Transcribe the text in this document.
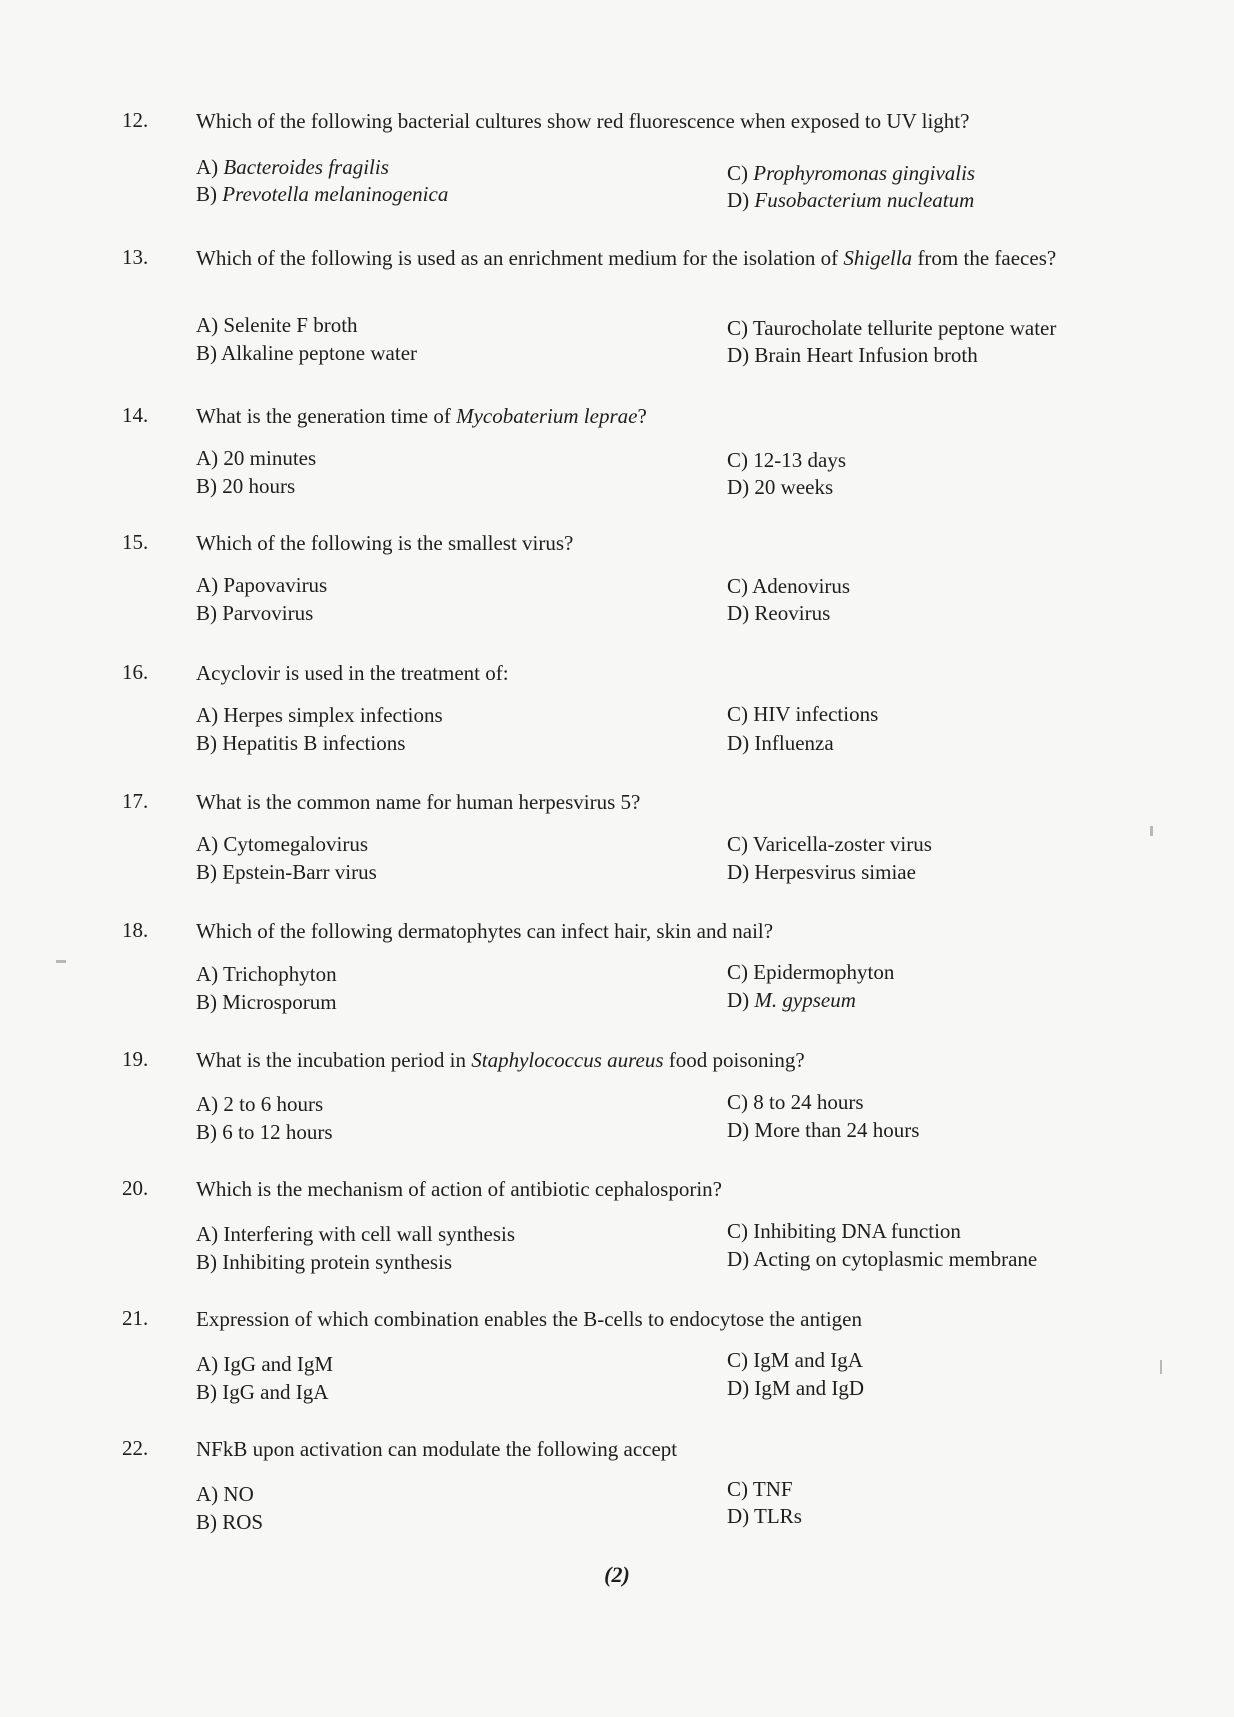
12. Which of the following bacterial cultures show red fluorescence when exposed to UV light?
A) Bacteroides fragilis
B) Prevotella melaninogenica
C) Prophyromonas gingivalis
D) Fusobacterium nucleatum
13. Which of the following is used as an enrichment medium for the isolation of Shigella from the faeces?
A) Selenite F broth
B) Alkaline peptone water
C) Taurocholate tellurite peptone water
D) Brain Heart Infusion broth
14. What is the generation time of Mycobaterium leprae?
A) 20 minutes
B) 20 hours
C) 12-13 days
D) 20 weeks
15. Which of the following is the smallest virus?
A) Papovavirus
B) Parvovirus
C) Adenovirus
D) Reovirus
16. Acyclovir is used in the treatment of:
A) Herpes simplex infections
B) Hepatitis B infections
C) HIV infections
D) Influenza
17. What is the common name for human herpesvirus 5?
A) Cytomegalovirus
B) Epstein-Barr virus
C) Varicella-zoster virus
D) Herpesvirus simiae
18. Which of the following dermatophytes can infect hair, skin and nail?
A) Trichophyton
B) Microsporum
C) Epidermophyton
D) M. gypseum
19. What is the incubation period in Staphylococcus aureus food poisoning?
A) 2 to 6 hours
B) 6 to 12 hours
C) 8 to 24 hours
D) More than 24 hours
20. Which is the mechanism of action of antibiotic cephalosporin?
A) Interfering with cell wall synthesis
B) Inhibiting protein synthesis
C) Inhibiting DNA function
D) Acting on cytoplasmic membrane
21. Expression of which combination enables the B-cells to endocytose the antigen
A) IgG and IgM
B) IgG and IgA
C) IgM and IgA
D) IgM and IgD
22. NFkB upon activation can modulate the following accept
A) NO
B) ROS
C) TNF
D) TLRs
(2)
